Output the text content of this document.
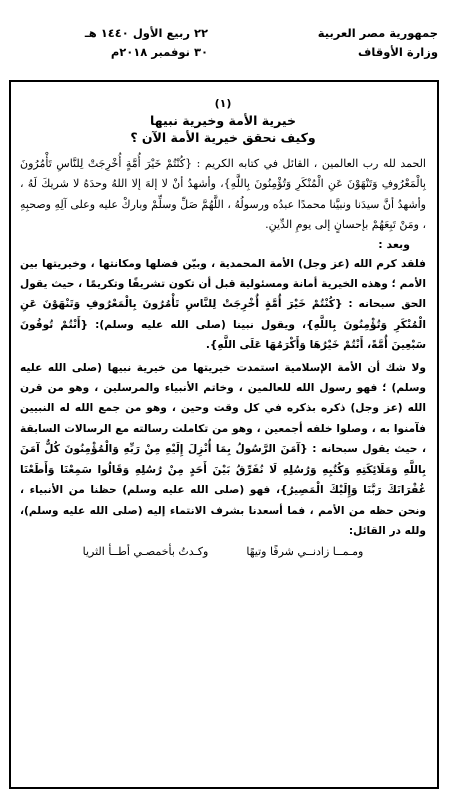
جمهورية مصر العربية
وزارة الأوقاف
٢٢ ربيع الأول ١٤٤٠ هـ
٣٠ نوفمبر ٢٠١٨م
(١)
خيرية الأمة وخيرية نبيها
وكيف نحقق خيرية الأمة الآن ؟
الحمد لله رب العالمين ، القائل في كتابه الكريم : {كُنْتُمْ خَيْرَ أُمَّةٍ أُخْرِجَتْ لِلنَّاسِ تَأْمُرُونَ بِالْمَعْرُوفِ وَتَنْهَوْنَ عَنِ الْمُنْكَرِ وَتُؤْمِنُونَ بِاللَّهِ}، وأشهدُ أنْ لا إلهَ إلا اللهُ وحدَهُ لا شريكَ لَهُ ، وأشهدُ أنَّ سيدَنا ونبيَّنا محمدًا عبدُه ورسولُهُ ، اللَّهُمَّ صَلِّ وسلِّمْ وباركْ عليه وعلى آلِهِ وصحبِهِ ، ومَنْ تَبِعَهُمْ بإحسانٍ إلى يومِ الدِّينِ.
وبعد :
فلقد كرم الله (عز وجل) الأمة المحمدية ، وبيّن فضلها ومكانتها ، وخيريتها بين الأمم ؛ وهذه الخيرية أمانة ومسئولية قبل أن تكون تشريفًا وتكريمًا ، حيث يقول الحق سبحانه : {كُنْتُمْ خَيْرَ أُمَّةٍ أُخْرِجَتْ لِلنَّاسِ تَأْمُرُونَ بِالْمَعْرُوفِ وَتَنْهَوْنَ عَنِ الْمُنْكَرِ وَتُؤْمِنُونَ بِاللَّهِ}، ويقول نبينا (صلى الله عليه وسلم): {أَنْتُمْ تُوفُونَ سَبْعِينَ أُمَّةً، أَنْتُمْ خَيْرُهَا وَأَكْرَمُهَا عَلَى اللَّهِ}.
ولا شك أن الأمة الإسلامية استمدت خيريتها من خيرية نبيها (صلى الله عليه وسلم) ؛ فهو رسول الله للعالمين ، وخاتم الأنبياء والمرسلين ، وهو من قرن الله (عز وجل) ذكره بذكره في كل وقت وحين ، وهو من جمع الله له النبيين فآمنوا به ، وصلوا خلفه أجمعين ، وهو من تكاملت رسالته مع الرسالات السابقة ، حيث يقول سبحانه : {آمَنَ الرَّسُولُ بِمَا أُنْزِلَ إِلَيْهِ مِنْ رَبِّهِ وَالْمُؤْمِنُونَ كُلٌّ آمَنَ بِاللَّهِ وَمَلَائِكَتِهِ وَكُتُبِهِ وَرُسُلِهِ لَا نُفَرِّقُ بَيْنَ أَحَدٍ مِنْ رُسُلِهِ وَقَالُوا سَمِعْنَا وَأَطَعْنَا غُفْرَانَكَ رَبَّنَا وَإِلَيْكَ الْمَصِيرُ}، فهو (صلى الله عليه وسلم) حظنا من الأنبياء ، ونحن حظه من الأمم ، فما أسعدنا بشرف الانتماء إليه (صلى الله عليه وسلم)، ولله در القائل:
ومـمــا زادنــي شرفًا وتيهًا
وكـدتُ بأخمصـي أطــأ الثريا
